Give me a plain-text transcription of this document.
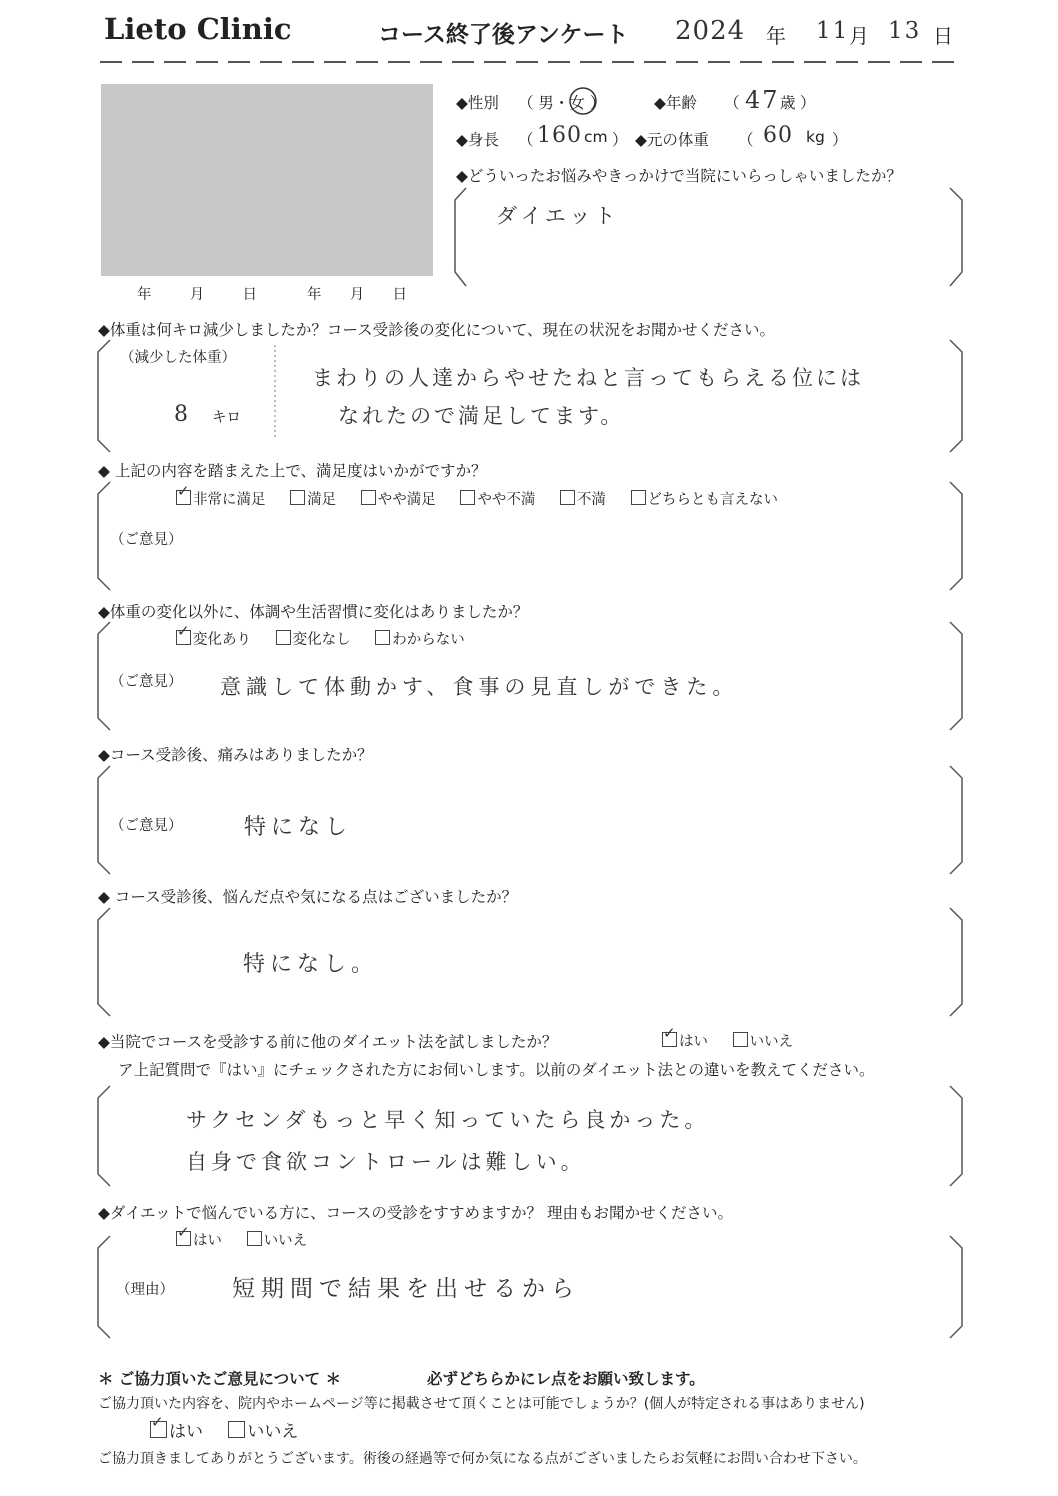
Lieto Clinic	コース終了後アンケート 2024 年 11 月 13 日
年	月	日	年 月 日
◆性別 （ 男・女 ）	◆年齢 （ 47 歳 ）
◆身長 （ 160 cm ） ◆元の体重 （ 60 kg ）
◆どういったお悩みやきっかけで当院にいらっしゃいましたか？
ダイエット
◆体重は何キロ減少しましたか？コース受診後の変化について、現在の状況をお聞かせください。
（減少した体重）
8 キロ
まわりの人達からやせたねと言ってもらえる位には
なれたので満足してます。
◆ 上記の内容を踏まえた上で、満足度はいかがですか？
✓非常に満足	満足	やや満足	やや不満	不満	どちらとも言えない
（ご意見）
◆体重の変化以外に、体調や生活習慣に変化はありましたか？
✓変化あり	変化なし	わからない
（ご意見） 意識して体動かす、食事の見直しができた。
◆コース受診後、痛みはありましたか？
（ご意見）	特になし
◆ コース受診後、悩んだ点や気になる点はございましたか？
特になし。
◆当院でコースを受診する前に他のダイエット法を試しましたか？
✓	はい	いいえ
ア上記質問で『はい』にチェックされた方にお伺いします。以前のダイエット法との違いを教えてください。
サクセンダもっと早く知っていたら良かった。
自身で食欲コントロールは難しい。
◆ダイエットで悩んでいる方に、コースの受診をすすめますか？ 理由もお聞かせください。
✓はい	いいえ
（理由）	短期間で結果を出せるから
＊ ご協力頂いたご意見について ＊	必ずどちらかにレ点をお願い致します。
ご協力頂いた内容を、院内やホームページ等に掲載させて頂くことは可能でしょうか？(個人が特定される事はありません)
✓はい	いいえ
ご協力頂きましてありがとうございます。術後の経過等で何か気になる点がございましたらお気軽にお問い合わせ下さい。
